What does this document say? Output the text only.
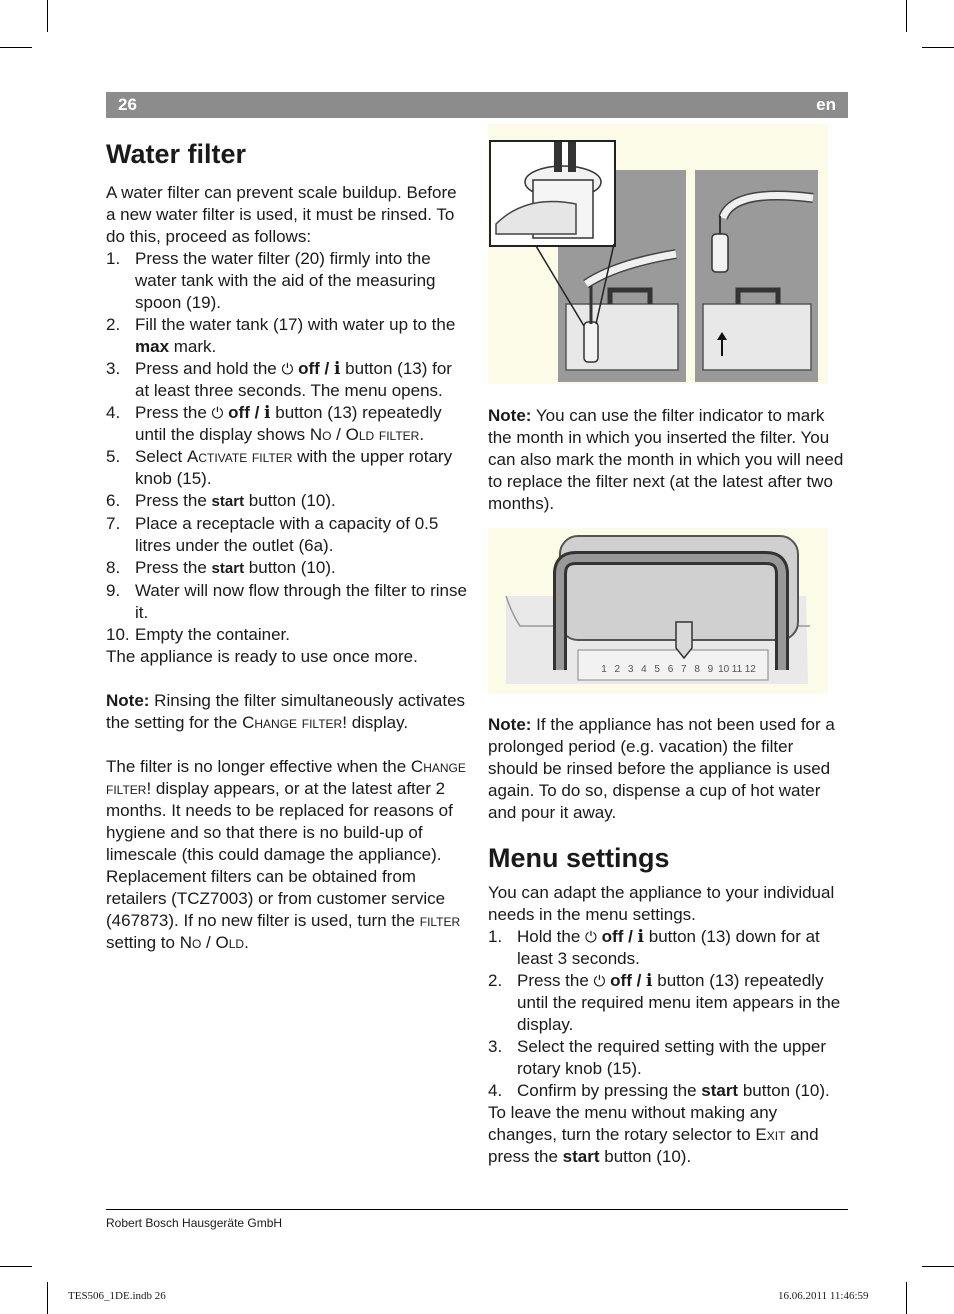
26	en
Water filter

A water filter can prevent scale buildup. Before a new water filter is used, it must be rinsed. To do this, proceed as follows:

1. Press the water filter (20) firmly into the water tank with the aid of the measuring spoon (19).
2. Fill the water tank (17) with water up to the max mark.
3. Press and hold the ⏻ off / i button (13) for at least three seconds. The menu opens.
4. Press the ⏻ off / i button (13) repeatedly until the display shows No / Old filter.
5. Select Activate filter with the upper rotary knob (15).
6. Press the start button (10).
7. Place a receptacle with a capacity of 0.5 litres under the outlet (6a).
8. Press the start button (10).
9. Water will now flow through the filter to rinse it.
10. Empty the container.

The appliance is ready to use once more.

Note: Rinsing the filter simultaneously activates the setting for the Change filter! display.

The filter is no longer effective when the Change filter! display appears, or at the latest after 2 months. It needs to be replaced for reasons of hygiene and so that there is no build-up of limescale (this could damage the appliance). Replacement filters can be obtained from retailers (TCZ7003) or from customer service (467873). If no new filter is used, turn the filter setting to No / Old.

Note: You can use the filter indicator to mark the month in which you inserted the filter. You can also mark the month in which you will need to replace the filter next (at the latest after two months).

1 2 3 4 5 6 7 8 9 10 11 12

Note: If the appliance has not been used for a prolonged period (e.g. vacation) the filter should be rinsed before the appliance is used again. To do so, dispense a cup of hot water and pour it away.

Menu settings

You can adapt the appliance to your individual needs in the menu settings.

1. Hold the ⏻ off / i button (13) down for at least 3 seconds.
2. Press the ⏻ off / i button (13) repeatedly until the required menu item appears in the display.
3. Select the required setting with the upper rotary knob (15).
4. Confirm by pressing the start button (10).

To leave the menu without making any changes, turn the rotary selector to Exit and press the start button (10).

Robert Bosch Hausgeräte GmbH
TES506_1DE.indb 26	16.06.2011 11:46:59
